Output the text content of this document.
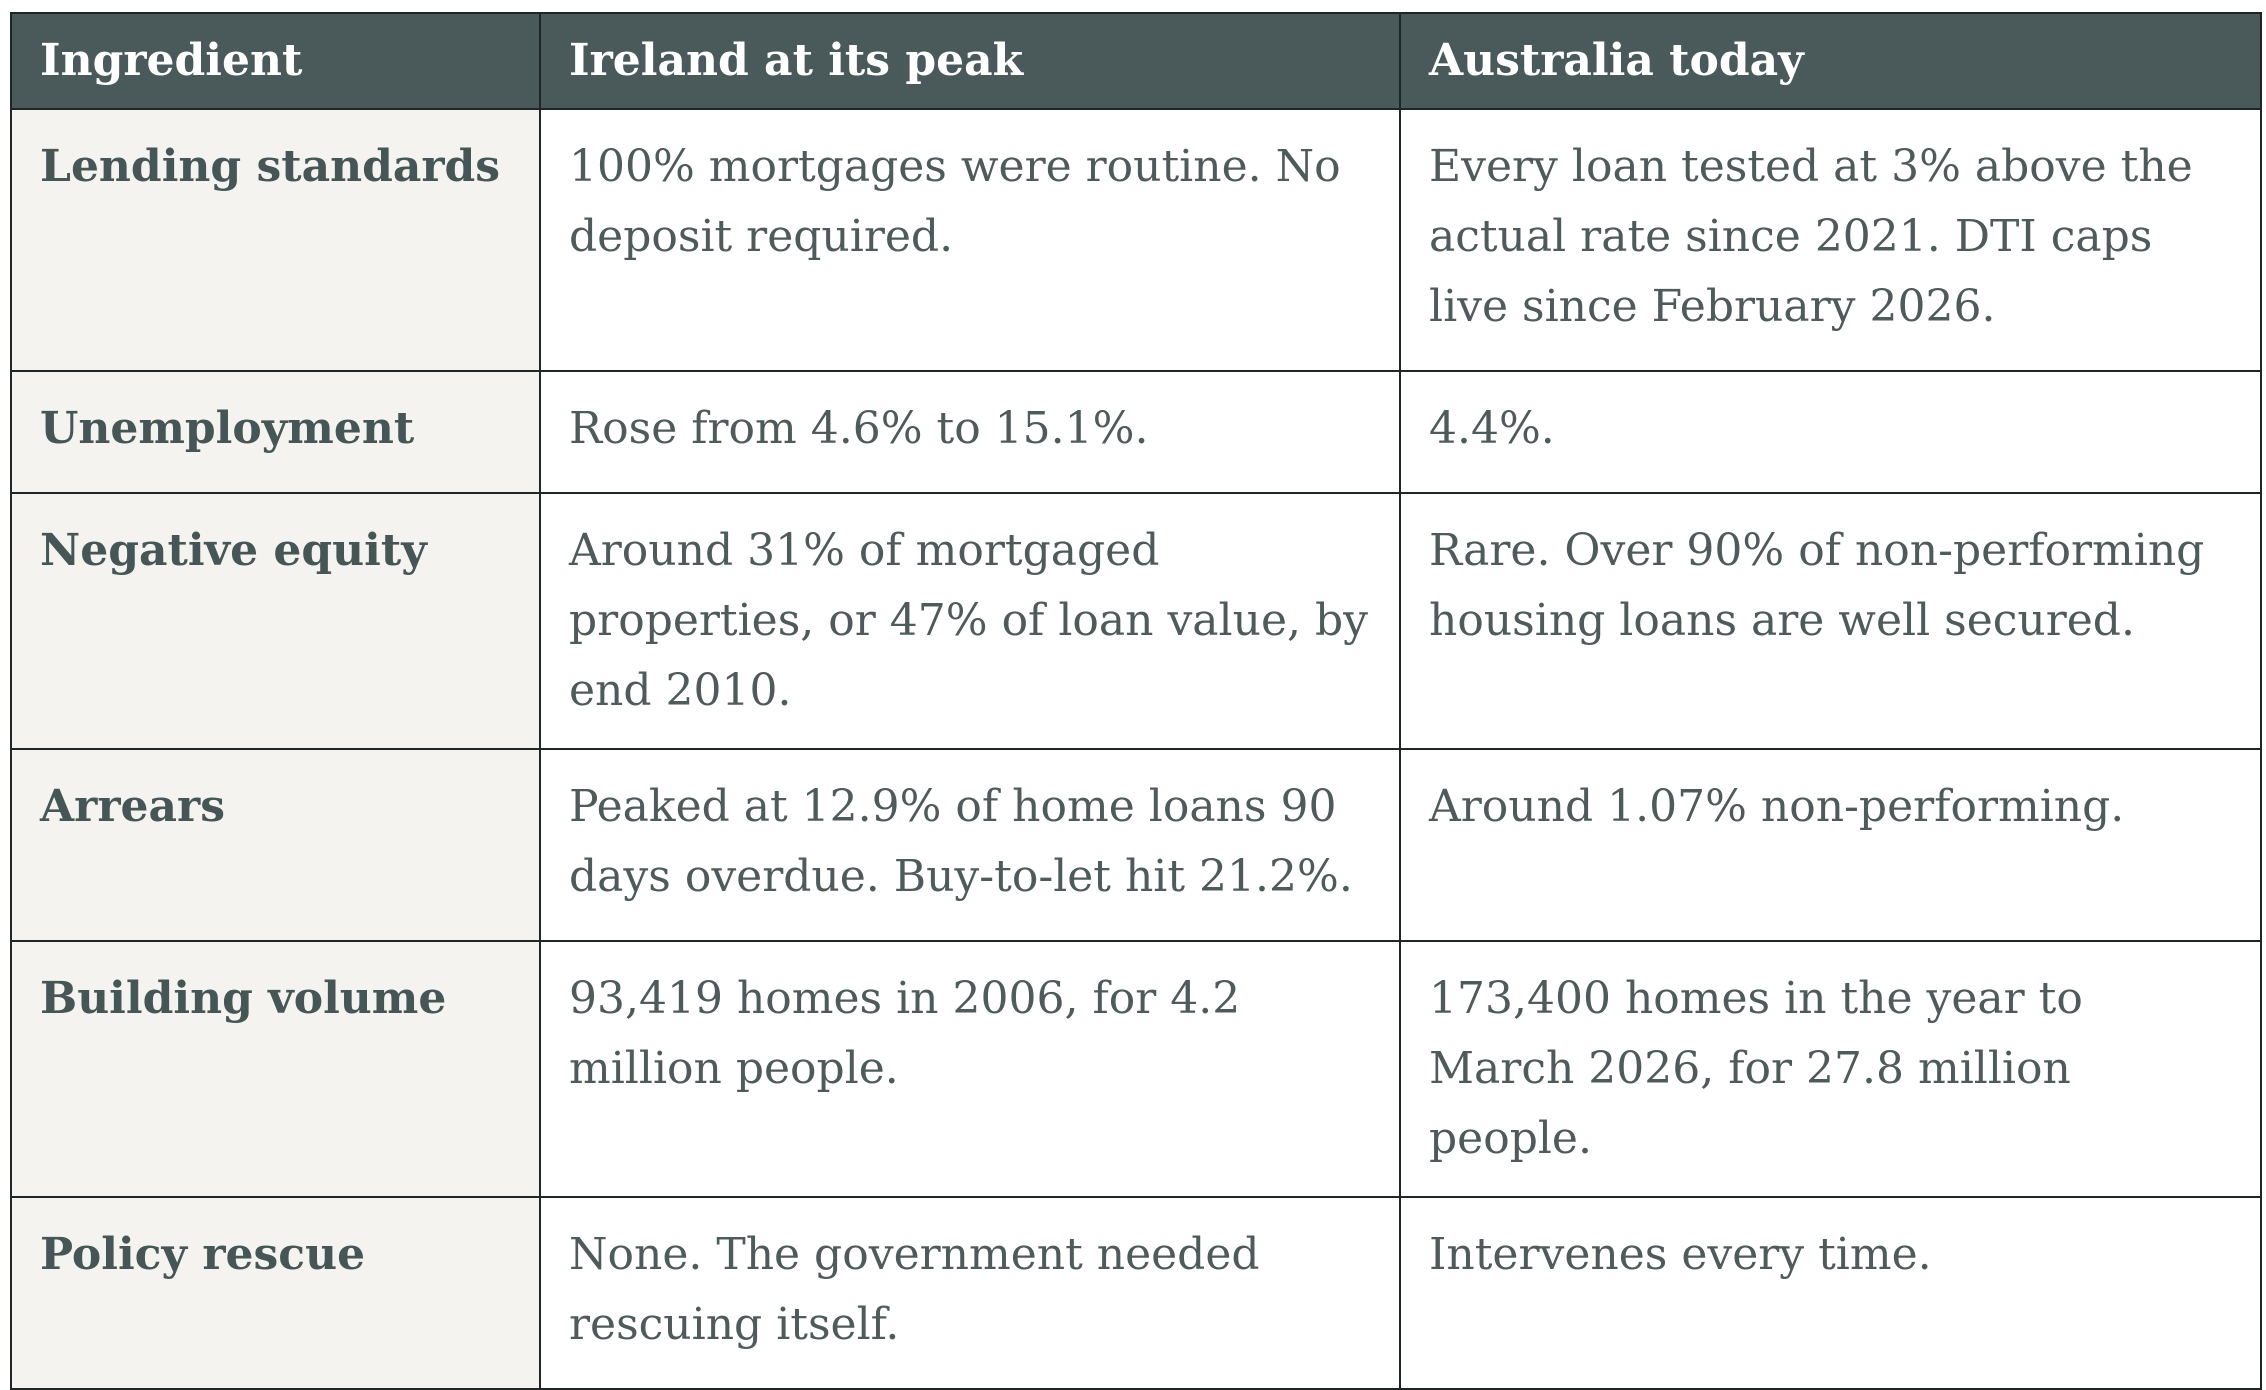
Ingredient	Ireland at its peak	Australia today
Lending standards	100% mortgages were routine. No deposit required.	Every loan tested at 3% above the actual rate since 2021. DTI caps live since February 2026.
Unemployment	Rose from 4.6% to 15.1%.	4.4%.
Negative equity	Around 31% of mortgaged properties, or 47% of loan value, by end 2010.	Rare. Over 90% of non-performing housing loans are well secured.
Arrears	Peaked at 12.9% of home loans 90 days overdue. Buy-to-let hit 21.2%.	Around 1.07% non-performing.
Building volume	93,419 homes in 2006, for 4.2 million people.	173,400 homes in the year to March 2026, for 27.8 million people.
Policy rescue	None. The government needed rescuing itself.	Intervenes every time.
